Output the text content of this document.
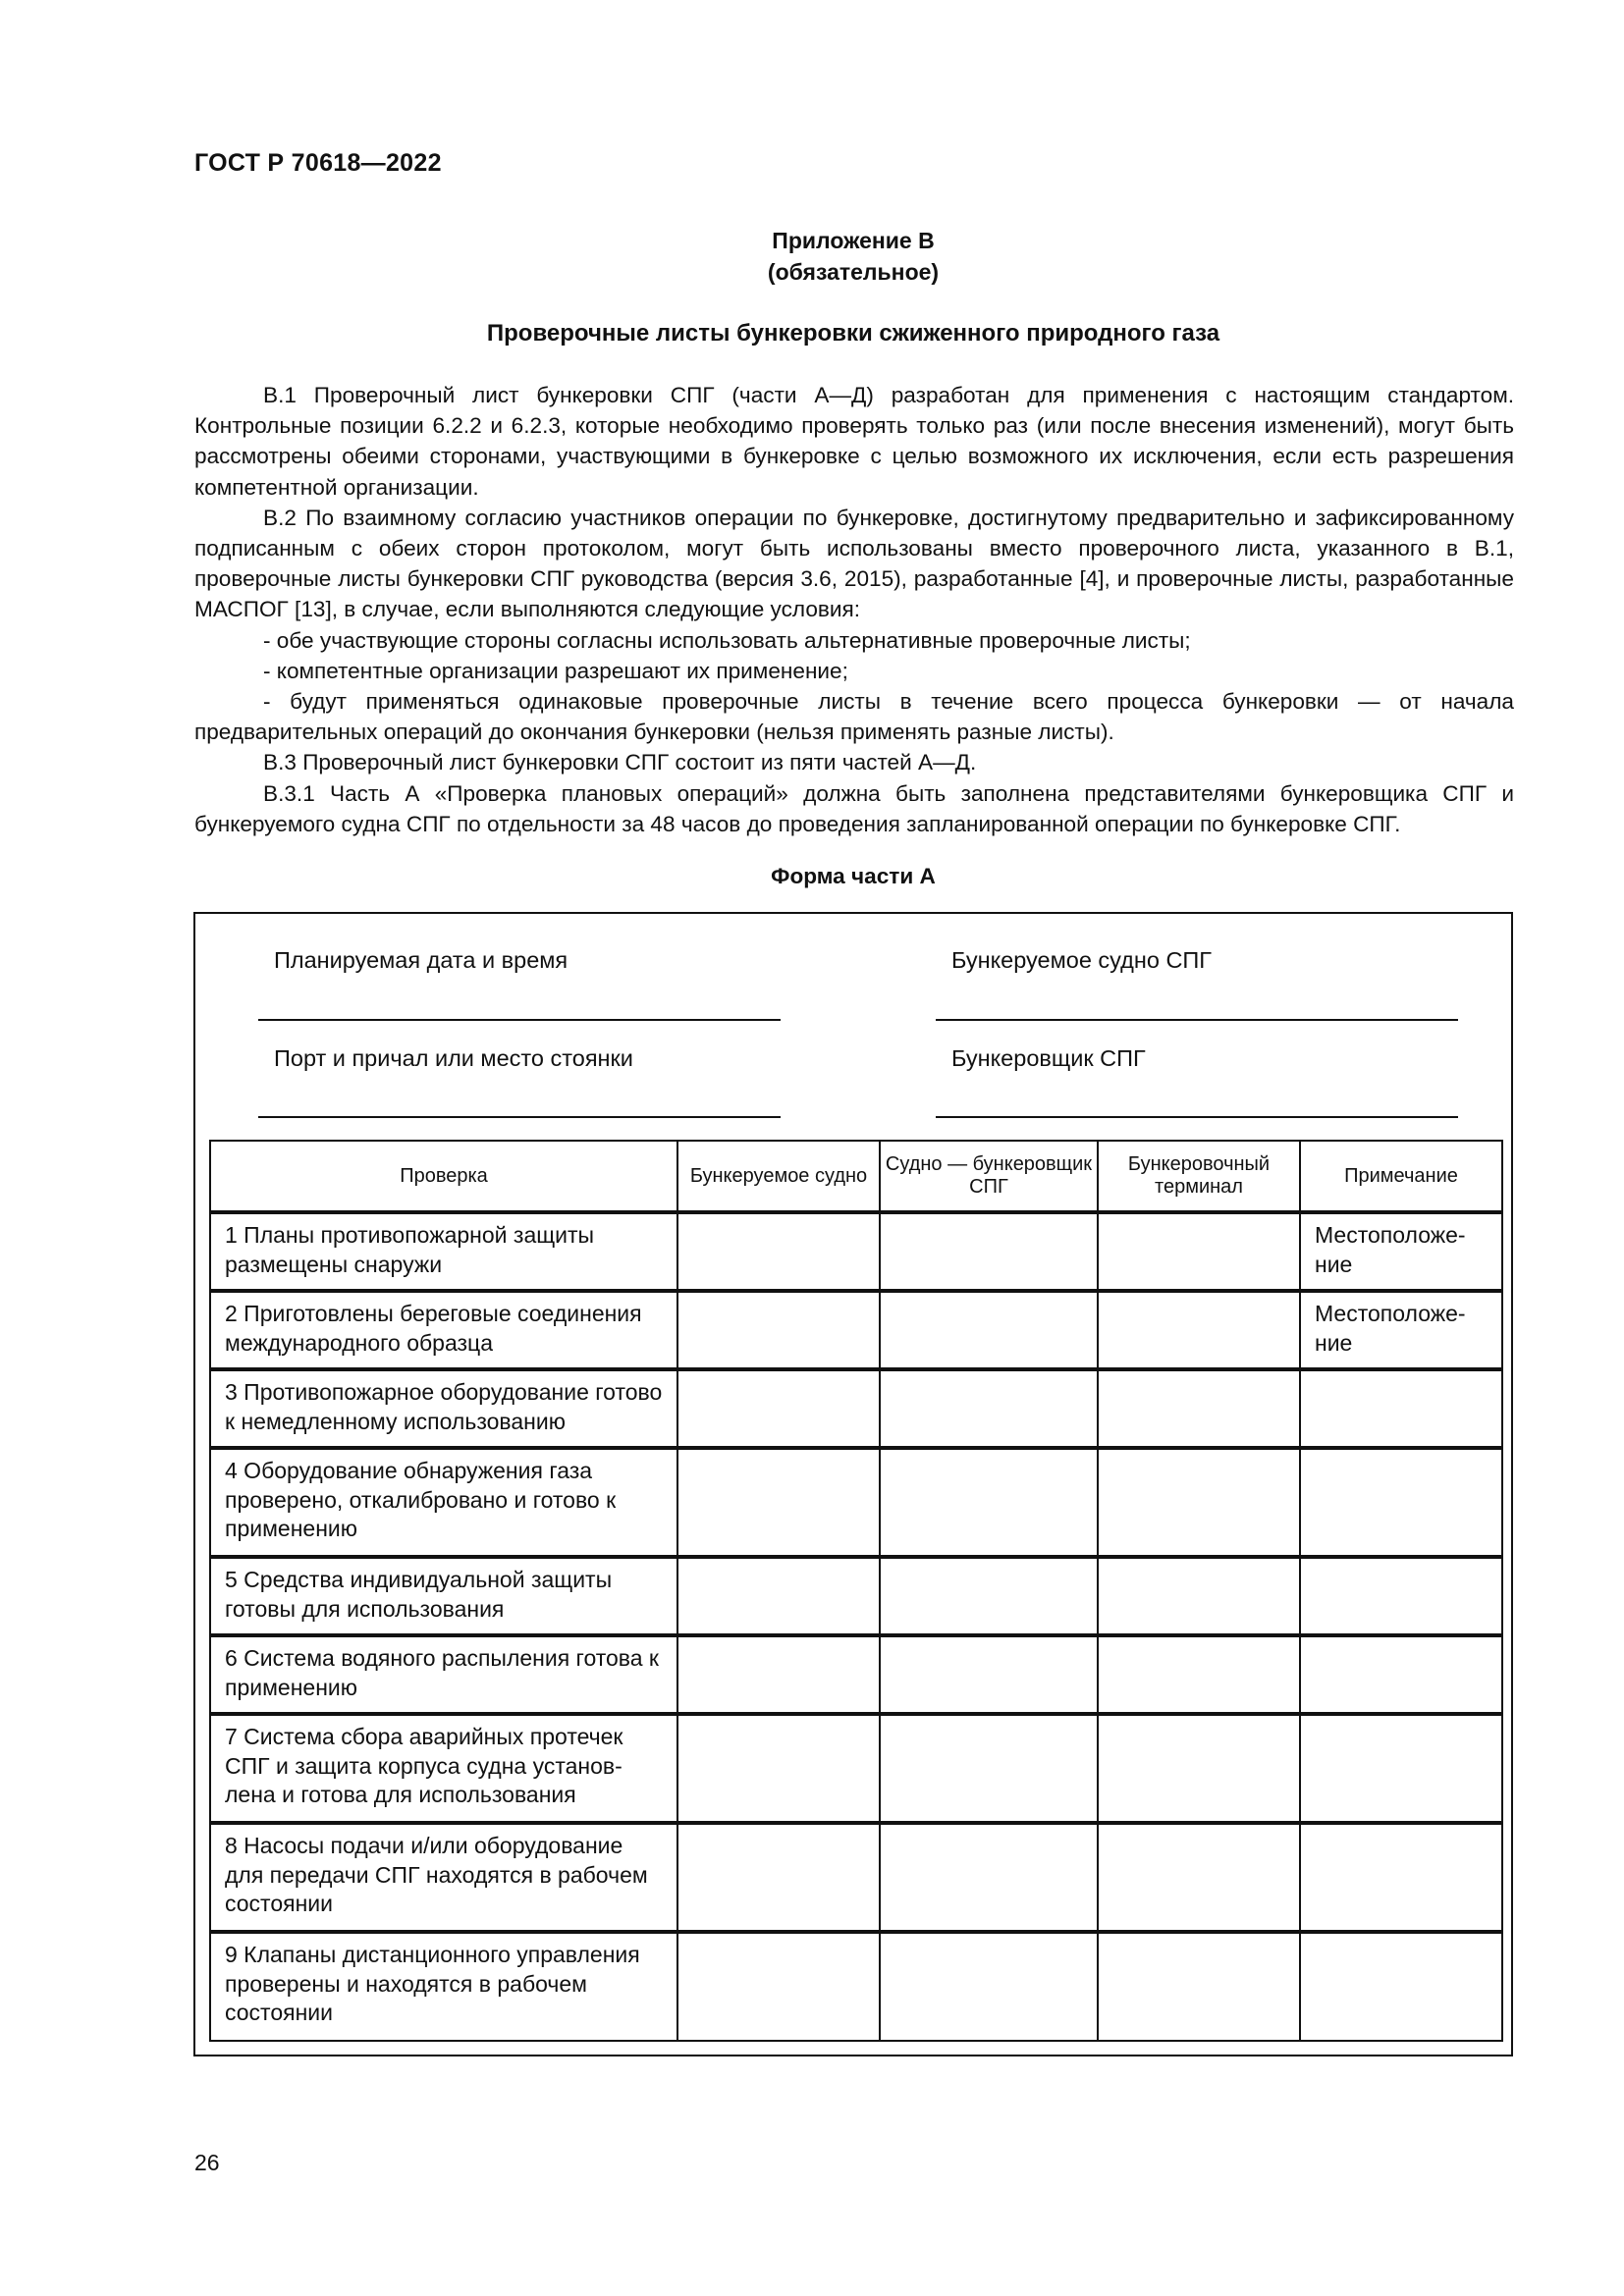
ГОСТ Р 70618—2022
Приложение В
(обязательное)
Проверочные листы бункеровки сжиженного природного газа

В.1 Проверочный лист бункеровки СПГ (части А—Д) разработан для применения с настоящим стандартом. Контрольные позиции 6.2.2 и 6.2.3, которые необходимо проверять только раз (или после внесения изменений), могут быть рассмотрены обеими сторонами, участвующими в бункеровке с целью возможного их исключения, если есть разрешения компетентной организации.

В.2 По взаимному согласию участников операции по бункеровке, достигнутому предварительно и зафиксированному подписанным с обеих сторон протоколом, могут быть использованы вместо проверочного листа, указанного в В.1, проверочные листы бункеровки СПГ руководства (версия 3.6, 2015), разработанные [4], и проверочные листы, разработанные МАСПОГ [13], в случае, если выполняются следующие условия:

- обе участвующие стороны согласны использовать альтернативные проверочные листы;

- компетентные организации разрешают их применение;

- будут применяться одинаковые проверочные листы в течение всего процесса бункеровки — от начала предварительных операций до окончания бункеровки (нельзя применять разные листы).

В.3 Проверочный лист бункеровки СПГ состоит из пяти частей А—Д.

В.3.1 Часть А «Проверка плановых операций» должна быть заполнена представителями бункеровщика СПГ и бункеруемого судна СПГ по отдельности за 48 часов до проведения запланированной операции по бункеровке СПГ.

Форма части А
Планируемая дата и время	Бункеруемое судно СПГ
Порт и причал или место стоянки	Бункеровщик СПГ
Проверка	Бункеруемое судно	Судно — бункеровщик СПГ	Бункеровочный терминал	Примечание

1 Планы противопожарной защиты размещены снаружи				Местоположение

2 Приготовлены береговые соединения международного образца				Местоположение

3 Противопожарное оборудование готово к немедленному использованию				

4 Оборудование обнаружения газа проверено, откалибровано и готово к применению				

5 Средства индивидуальной защиты готовы для использования				

6 Система водяного распыления готова к применению				

7 Система сбора аварийных протечек СПГ и защита корпуса судна установлена и готова для использования				

8 Насосы подачи и/или оборудование для передачи СПГ находятся в рабочем состоянии				

9 Клапаны дистанционного управления проверены и находятся в рабочем состоянии				

26
